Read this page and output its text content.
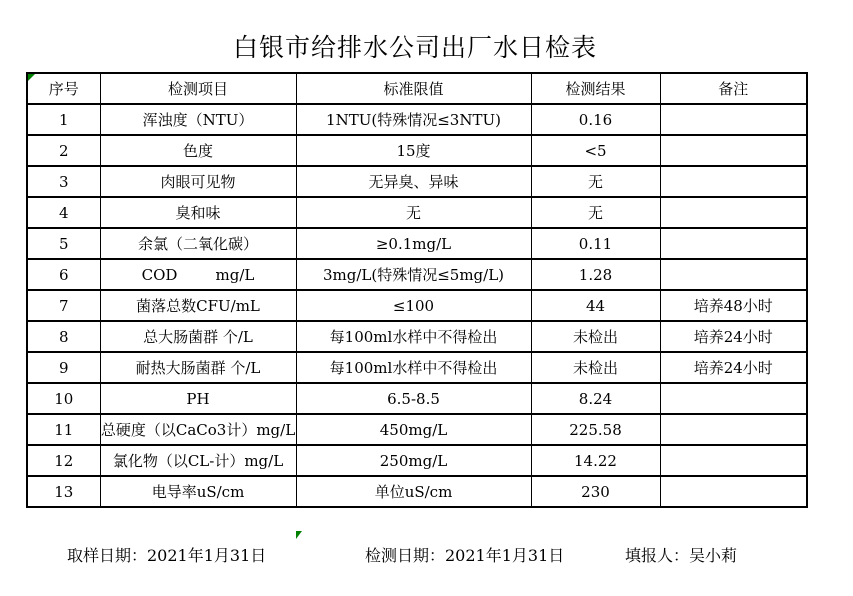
白银市给排水公司出厂水日检表
序号	检测项目	标准限值	检测结果	备注
1	浑浊度（NTU）	1NTU(特殊情况≤3NTU)	0.16	
2	色度	15度	<5	
3	肉眼可见物	无异臭、异味	无	
4	臭和味	无	无	
5	余氯（二氧化碳）	≥0.1mg/L	0.11	
6	COD        mg/L	3mg/L(特殊情况≤5mg/L)	1.28	
7	菌落总数CFU/mL	≤100	44	培养48小时
8	总大肠菌群 个/L	每100ml水样中不得检出	未检出	培养24小时
9	耐热大肠菌群 个/L	每100ml水样中不得检出	未检出	培养24小时
10	PH	6.5-8.5	8.24	
11	总硬度（以CaCo3计）mg/L	450mg/L	225.58	
12	氯化物（以CL-计）mg/L	250mg/L	14.22	
13	电导率uS/cm	单位uS/cm	230	
取样日期：2021年1月31日	检测日期：2021年1月31日	填报人：吴小莉
